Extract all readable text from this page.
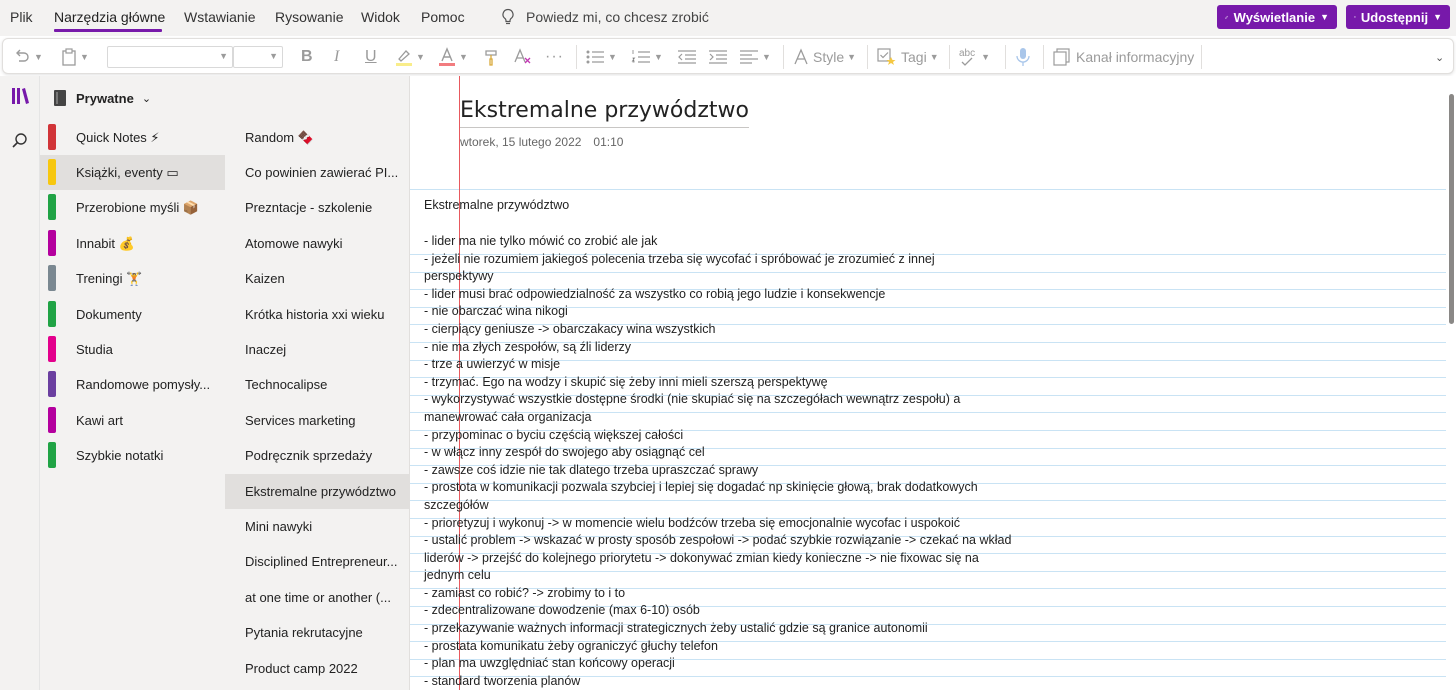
Plik Narzędzia główne Wstawianie Rysowanie Widok Pomoc	Powiedz mi, co chcesz zrobić	Wyświetlanie ▼ Udostępnij ▼
▼	▼	▼	▼ B I U	▼	▼	···	▼	▼	▼	Style ▼	Tagi ▼ abc ▼	Kanał informacyjny	⌄
Prywatne ⌄
Quick Notes ⚡
Książki, eventy ▭
Przerobione myśli 📦
Innabit 💰
Treningi 🏋
Dokumenty
Studia
Randomowe pomysły...
Kawi art
Szybkie notatki
Random 🍫
Co powinien zawierać PI...
Prezntacje - szkolenie
Atomowe nawyki
Kaizen
Krótka historia xxi wieku
Inaczej
Technocalipse
Services marketing
Podręcznik sprzedaży
Ekstremalne przywództwo
Mini nawyki
Disciplined Entrepreneur...
at one time or another (...
Pytania rekrutacyjne
Product camp 2022
Ekstremalne przywództwo
wtorek, 15 lutego 2022 01:10
Ekstremalne przywództwo
- lider ma nie tylko mówić co zrobić ale jak
- jeżeli nie rozumiem jakiegoś polecenia trzeba się wycofać i spróbować je zrozumieć z innej
perspektywy
- lider musi brać odpowiedzialność za wszystko co robią jego ludzie i konsekwencje
- nie obarczać wina nikogi
- cierpiący geniusze -> obarczakacy wina wszystkich
- nie ma złych zespołów, są źli liderzy
- trze a uwierzyć w misje
- trzymać. Ego na wodzy i skupić się żeby inni mieli szerszą perspektywę
- wykorzystywać wszystkie dostępne środki (nie skupiać się na szczegółach wewnątrz zespołu) a
manewrować cała organizacja
- przypominac o byciu częścią większej całości
- w włącz inny zespół do swojego aby osiągnąć cel
- zawsze coś idzie nie tak dlatego trzeba upraszczać sprawy
- prostota w komunikacji pozwala szybciej i lepiej się dogadać np skinięcie głową, brak dodatkowych
szczegółów
- prioretyzuj i wykonuj -> w momencie wielu bodźców trzeba się emocjonalnie wycofac i uspokoić
- ustalić problem -> wskazać w prosty sposób zespołowi -> podać szybkie rozwiązanie -> czekać na wkład
liderów -> przejść do kolejnego priorytetu -> dokonywać zmian kiedy konieczne -> nie fixowac się na
jednym celu
- zamiast co robić? -> zrobimy to i to
- zdecentralizowane dowodzenie (max 6-10) osób
- przekazywanie ważnych informacji strategicznych żeby ustalić gdzie są granice autonomii
- prostata komunikatu żeby ograniczyć głuchy telefon
- plan ma uwzględniać stan końcowy operacji
- standard tworzenia planów
